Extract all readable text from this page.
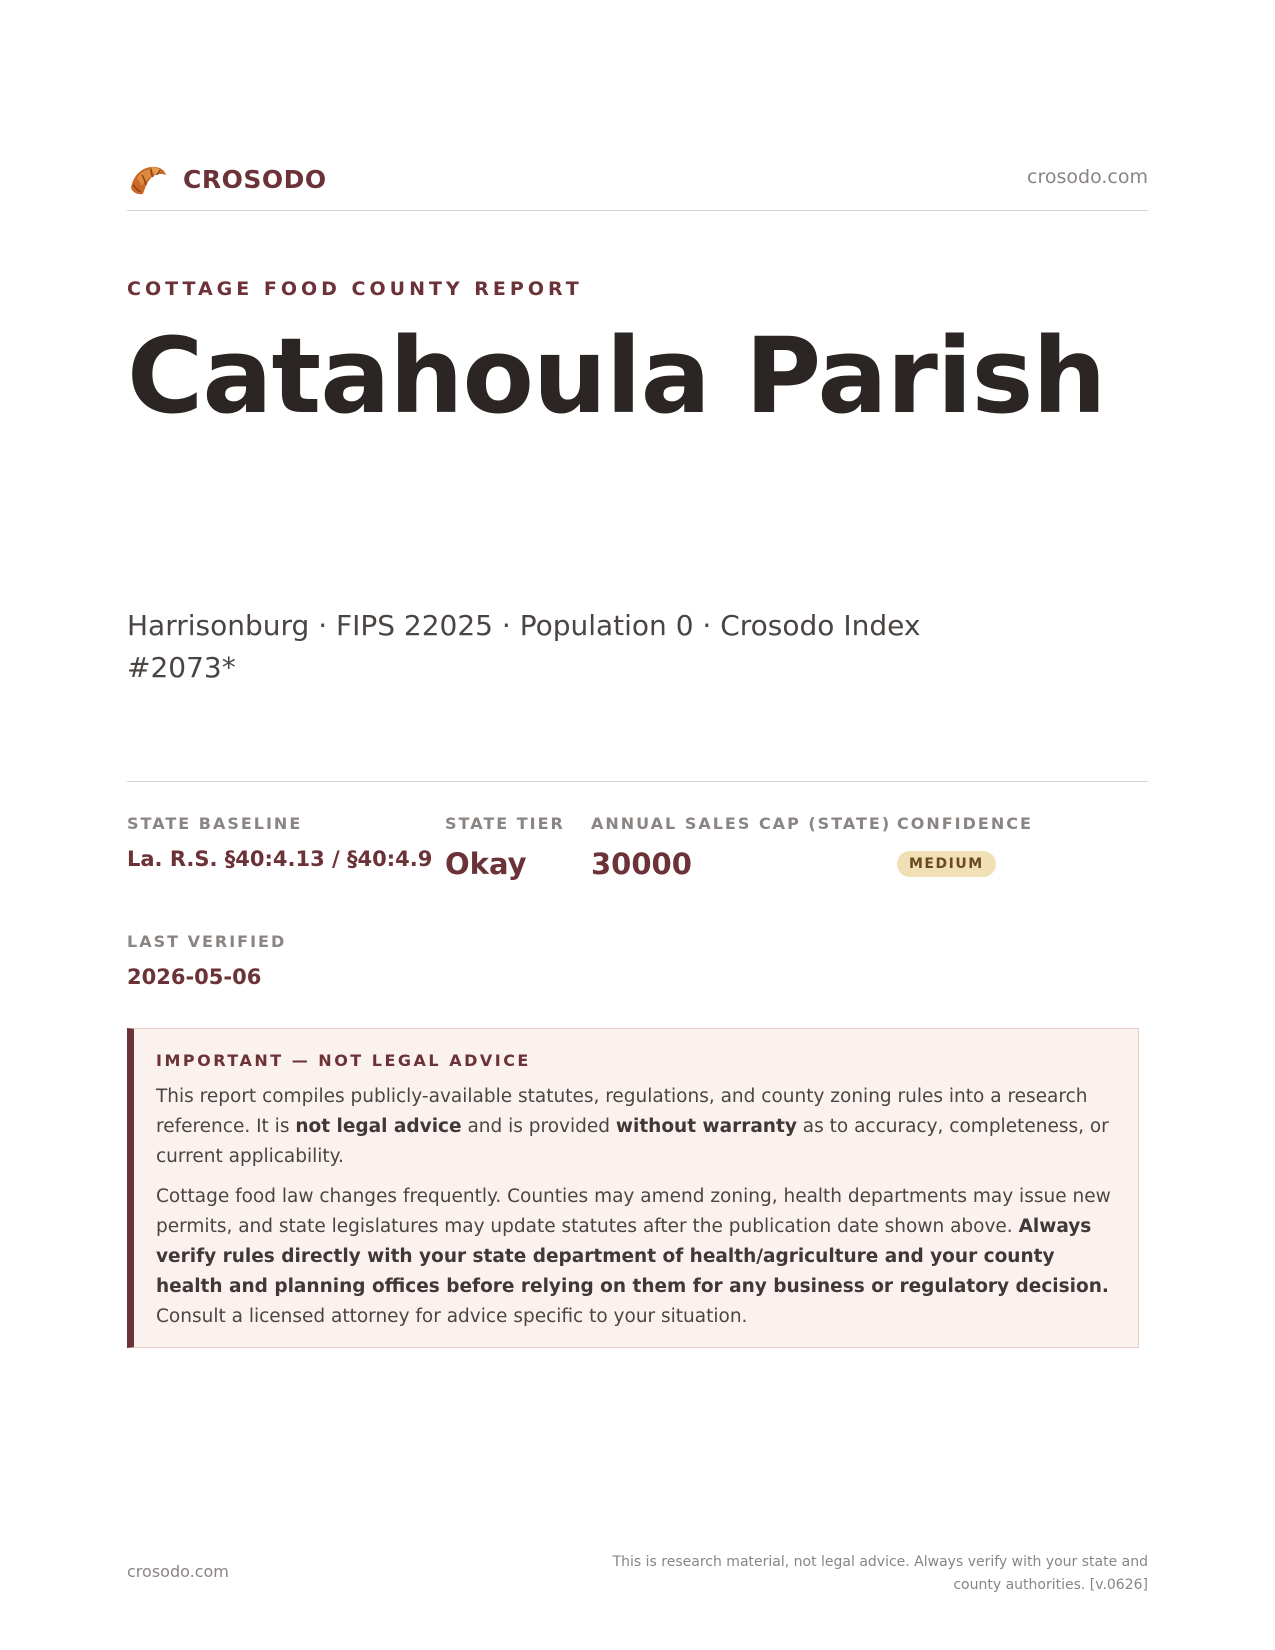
CROSODO	crosodo.com
COTTAGE FOOD COUNTY REPORT
Catahoula Parish
Harrisonburg · FIPS 22025 · Population 0 · Crosodo Index #2073*
STATE BASELINE
La. R.S. §40:4.13 / §40:4.9
STATE TIER
Okay
ANNUAL SALES CAP (STATE)
30000
CONFIDENCE
MEDIUM
LAST VERIFIED
2026-05-06
IMPORTANT — NOT LEGAL ADVICE

This report compiles publicly-available statutes, regulations, and county zoning rules into a research reference. It is not legal advice and is provided without warranty as to accuracy, completeness, or current applicability.

Cottage food law changes frequently. Counties may amend zoning, health departments may issue new permits, and state legislatures may update statutes after the publication date shown above. Always verify rules directly with your state department of health/agriculture and your county health and planning offices before relying on them for any business or regulatory decision. Consult a licensed attorney for advice specific to your situation.

crosodo.com	This is research material, not legal advice. Always verify with your state and county authorities. [v.0626]
